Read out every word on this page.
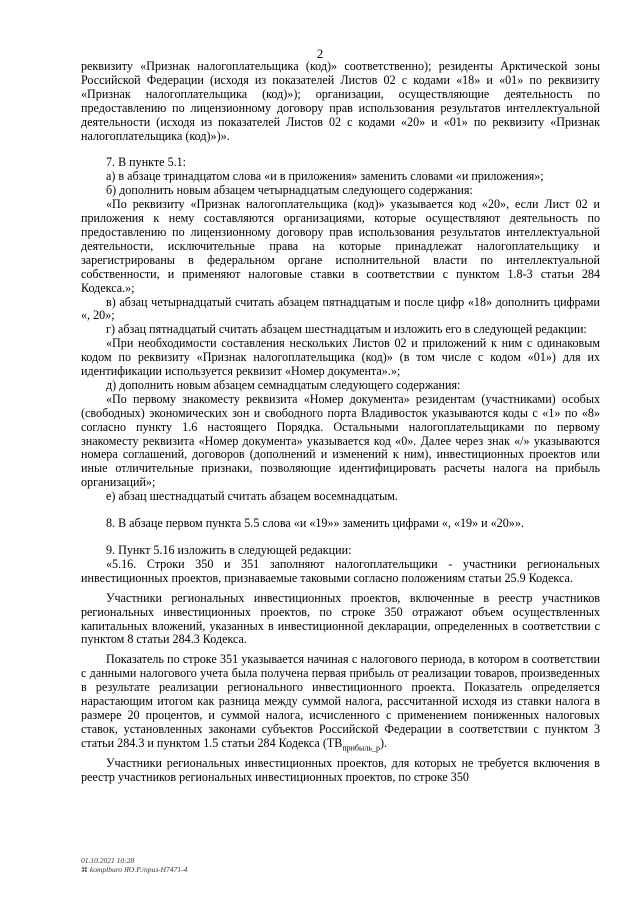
2

реквизиту «Признак налогоплательщика (код)» соответственно); резиденты Арктической зоны Российской Федерации (исходя из показателей Листов 02 с кодами «18» и «01» по реквизиту «Признак налогоплательщика (код)»); организации, осуществляющие деятельность по предоставлению по лицензионному договору прав использования результатов интеллектуальной деятельности (исходя из показателей Листов 02 с кодами «20» и «01» по реквизиту «Признак налогоплательщика (код)»)».

7. В пункте 5.1:

а) в абзаце тринадцатом слова «и в приложения» заменить словами «и приложения»;

б) дополнить новым абзацем четырнадцатым следующего содержания:

«По реквизиту «Признак налогоплательщика (код)» указывается код «20», если Лист 02 и приложения к нему составляются организациями, которые осуществляют деятельность по предоставлению по лицензионному договору прав использования результатов интеллектуальной деятельности, исключительные права на которые принадлежат налогоплательщику и зарегистрированы в федеральном органе исполнительной власти по интеллектуальной собственности, и применяют налоговые ставки в соответствии с пунктом 1.8-3 статьи 284 Кодекса.»;

в) абзац четырнадцатый считать абзацем пятнадцатым и после цифр «18» дополнить цифрами «, 20»;

г) абзац пятнадцатый считать абзацем шестнадцатым и изложить его в следующей редакции:

«При необходимости составления нескольких Листов 02 и приложений к ним с одинаковым кодом по реквизиту «Признак налогоплательщика (код)» (в том числе с кодом «01») для их идентификации используется реквизит «Номер документа».»;

д) дополнить новым абзацем семнадцатым следующего содержания:

«По первому знакоместу реквизита «Номер документа» резидентам (участниками) особых (свободных) экономических зон и свободного порта Владивосток указываются коды с «1» по «8» согласно пункту 1.6 настоящего Порядка. Остальными налогоплательщиками по первому знакоместу реквизита «Номер документа» указывается код «0». Далее через знак «/» указываются номера соглашений, договоров (дополнений и изменений к ним), инвестиционных проектов или иные отличительные признаки, позволяющие идентифицировать расчеты налога на прибыль организаций»;

е) абзац шестнадцатый считать абзацем восемнадцатым.

8. В абзаце первом пункта 5.5 слова «и «19»» заменить цифрами «, «19» и «20»».

9. Пункт 5.16 изложить в следующей редакции:

«5.16. Строки 350 и 351 заполняют налогоплательщики - участники региональных инвестиционных проектов, признаваемые таковыми согласно положениям статьи 25.9 Кодекса.

Участники региональных инвестиционных проектов, включенные в реестр участников региональных инвестиционных проектов, по строке 350 отражают объем осуществленных капитальных вложений, указанных в инвестиционной декларации, определенных в соответствии с пунктом 8 статьи 284.3 Кодекса.

Показатель по строке 351 указывается начиная с налогового периода, в котором в соответствии с данными налогового учета была получена первая прибыль от реализации товаров, произведенных в результате реализации регионального инвестиционного проекта. Показатель определяется нарастающим итогом как разница между суммой налога, рассчитанной исходя из ставки налога в размере 20 процентов, и суммой налога, исчисленного с применением пониженных налоговых ставок, установленных законами субъектов Российской Федерации в соответствии с пунктом 3 статьи 284.3 и пунктом 1.5 статьи 284 Кодекса $(ТВ_{прибыль\_р})$.

Участники региональных инвестиционных проектов, для которых не требуется включения в реестр участников региональных инвестиционных проектов, по строке 350

01.10.2021 10:28
⌘ komplburo ЯО.Р./приз-Н7471-4
